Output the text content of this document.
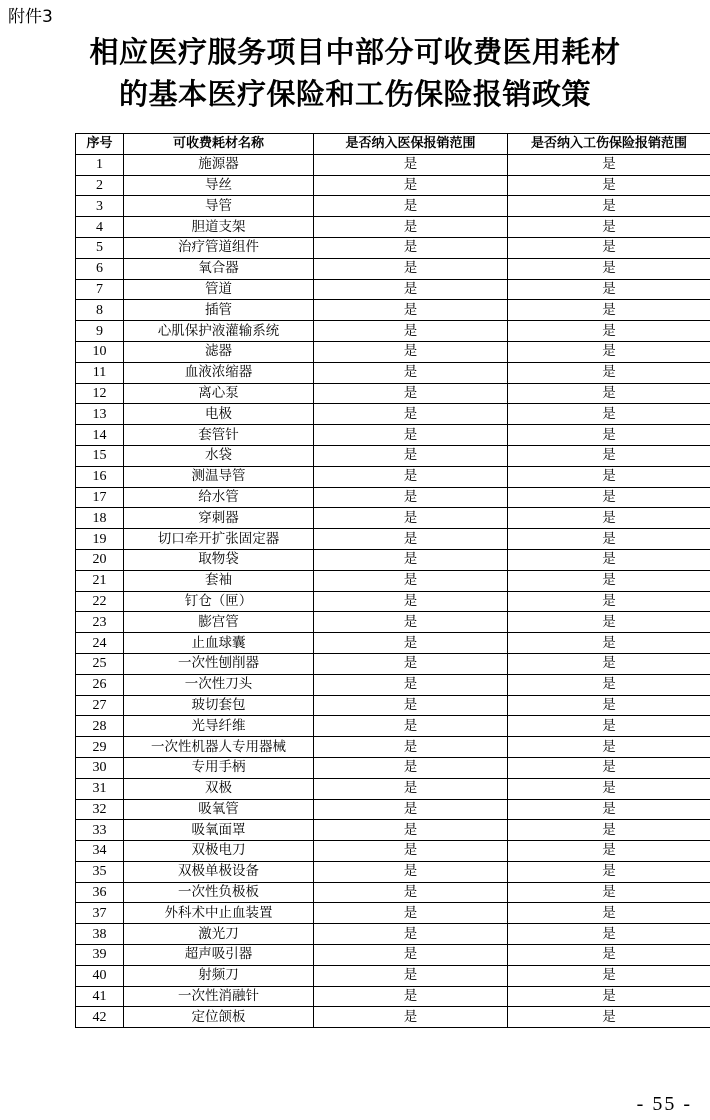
附件3
相应医疗服务项目中部分可收费医用耗材
的基本医疗保险和工伤保险报销政策
序号	可收费耗材名称	是否纳入医保报销范围	是否纳入工伤保险报销范围
1	施源器	是	是
2	导丝	是	是
3	导管	是	是
4	胆道支架	是	是
5	治疗管道组件	是	是
6	氧合器	是	是
7	管道	是	是
8	插管	是	是
9	心肌保护液灌输系统	是	是
10	滤器	是	是
11	血液浓缩器	是	是
12	离心泵	是	是
13	电极	是	是
14	套管针	是	是
15	水袋	是	是
16	测温导管	是	是
17	给水管	是	是
18	穿刺器	是	是
19	切口牵开扩张固定器	是	是
20	取物袋	是	是
21	套袖	是	是
22	钉仓（匣）	是	是
23	膨宫管	是	是
24	止血球囊	是	是
25	一次性刨削器	是	是
26	一次性刀头	是	是
27	玻切套包	是	是
28	光导纤维	是	是
29	一次性机器人专用器械	是	是
30	专用手柄	是	是
31	双极	是	是
32	吸氧管	是	是
33	吸氧面罩	是	是
34	双极电刀	是	是
35	双极单极设备	是	是
36	一次性负极板	是	是
37	外科术中止血装置	是	是
38	激光刀	是	是
39	超声吸引器	是	是
40	射频刀	是	是
41	一次性消融针	是	是
42	定位颌板	是	是
- 55 -
